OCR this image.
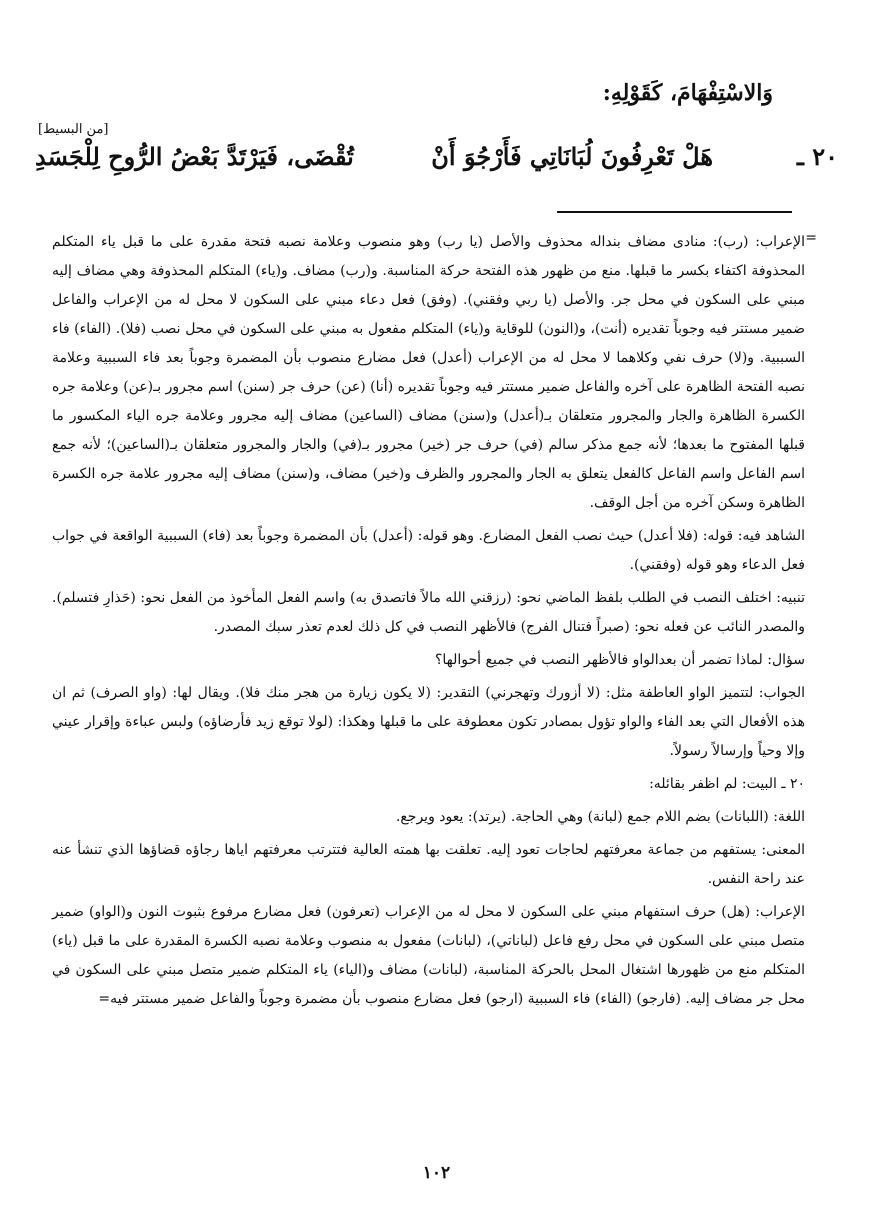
وَالاسْتِفْهَامَ، كَقَوْلِهِ:
[من البسيط]
٢٠ ـ
هَلْ تَعْرِفُونَ لُبَانَاتِي فَأَرْجُوَ أَنْ
تُقْضَى، فَيَرْتَدَّ بَعْضُ الرُّوحِ لِلْجَسَدِ
=

الإعراب: (رب): منادى مضاف بنداله محذوف والأصل (يا رب) وهو منصوب وعلامة نصبه فتحة مقدرة على ما قبل ياء المتكلم المحذوفة اكتفاء بكسر ما قبلها. منع من ظهور هذه الفتحة حركة المناسبة. و(رب) مضاف. و(ياء) المتكلم المحذوفة وهي مضاف إليه مبني على السكون في محل جر. والأصل (يا ربي وفقني). (وفق) فعل دعاء مبني على السكون لا محل له من الإعراب والفاعل ضمير مستتر فيه وجوباً تقديره (أنت)، و(النون) للوقاية و(ياء) المتكلم مفعول به مبني على السكون في محل نصب (فلا). (الفاء) فاء السببية. و(لا) حرف نفي وكلاهما لا محل له من الإعراب (أعدل) فعل مضارع منصوب بأن المضمرة وجوباً بعد فاء السببية وعلامة نصبه الفتحة الظاهرة على آخره والفاعل ضمير مستتر فيه وجوباً تقديره (أنا) (عن) حرف جر (سنن) اسم مجرور بـ(عن) وعلامة جره الكسرة الظاهرة والجار والمجرور متعلقان بـ(أعدل) و(سنن) مضاف (الساعين) مضاف إليه مجرور وعلامة جره الياء المكسور ما قبلها المفتوح ما بعدها؛ لأنه جمع مذكر سالم (في) حرف جر (خير) مجرور بـ(في) والجار والمجرور متعلقان بـ(الساعين)؛ لأنه جمع اسم الفاعل واسم الفاعل كالفعل يتعلق به الجار والمجرور والظرف و(خير) مضاف، و(سنن) مضاف إليه مجرور علامة جره الكسرة الظاهرة وسكن آخره من أجل الوقف.

الشاهد فيه: قوله: (فلا أعدل) حيث نصب الفعل المضارع. وهو قوله: (أعدل) بأن المضمرة وجوباً بعد (فاء) السببية الواقعة في جواب فعل الدعاء وهو قوله (وفقني).

تنبيه: اختلف النصب في الطلب بلفظ الماضي نحو: (رزقني الله مالاً فاتصدق به) واسم الفعل المأخوذ من الفعل نحو: (حَذارِ فتسلم). والمصدر النائب عن فعله نحو: (صبراً فتنال الفرج) فالأظهر النصب في كل ذلك لعدم تعذر سبك المصدر.

سؤال: لماذا تضمر أن بعدالواو فالأظهر النصب في جميع أحوالها؟

الجواب: لتتميز الواو العاطفة مثل: (لا أزورك وتهجرني) التقدير: (لا يكون زيارة من هجر منك فلا). ويقال لها: (واو الصرف) ثم ان هذه الأفعال التي بعد الفاء والواو تؤول بمصادر تكون معطوفة على ما قبلها وهكذا: (لولا توقع زيد فأرضاؤه) ولبس عباءة وإقرار عيني وإلا وحياً وإرسالاً رسولاً.

٢٠ ـ البيت: لم اظفر بقائله:

اللغة: (اللبانات) بضم اللام جمع (لبانة) وهي الحاجة. (يرتد): يعود ويرجع.

المعنى: يستفهم من جماعة معرفتهم لحاجات تعود إليه. تعلقت بها همته العالية فتترتب معرفتهم اياها رجاؤه قضاؤها الذي تنشأ عنه عند راحة النفس.

الإعراب: (هل) حرف استفهام مبني على السكون لا محل له من الإعراب (تعرفون) فعل مضارع مرفوع بثبوت النون و(الواو) ضمير متصل مبني على السكون في محل رفع فاعل (لباناتي)، (لبانات) مفعول به منصوب وعلامة نصبه الكسرة المقدرة على ما قبل (ياء) المتكلم منع من ظهورها اشتغال المحل بالحركة المناسبة، (لبانات) مضاف و(الياء) ياء المتكلم ضمير متصل مبني على السكون في محل جر مضاف إليه. (فارجو) (الفاء) فاء السببية (ارجو) فعل مضارع منصوب بأن مضمرة وجوباً والفاعل ضمير مستتر فيه=

١٠٢
